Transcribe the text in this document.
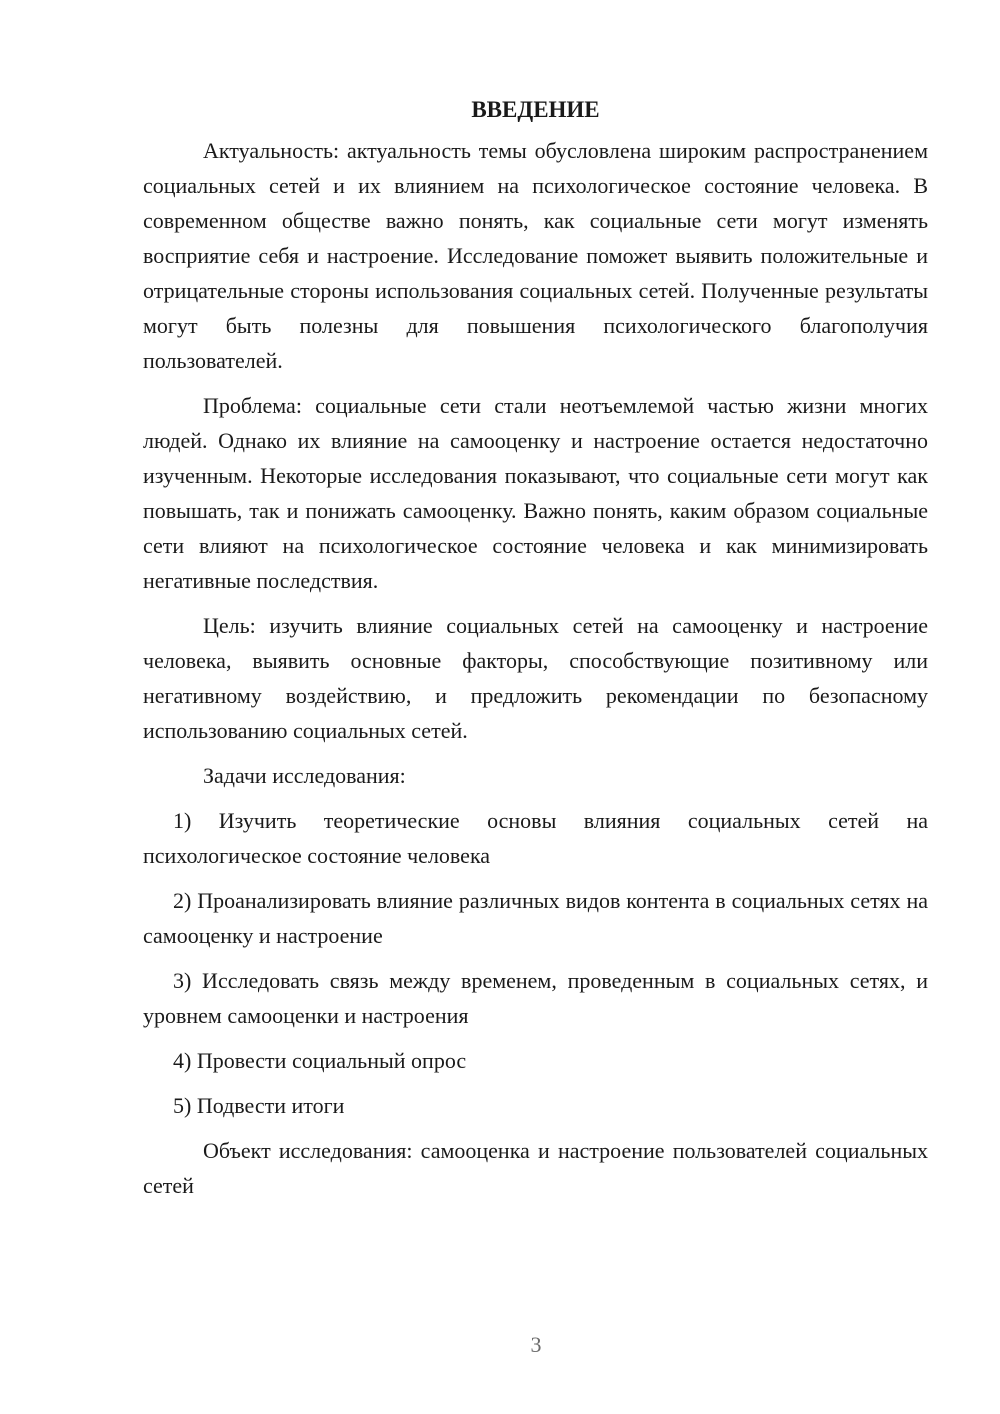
ВВЕДЕНИЕ

Актуальность: актуальность темы обусловлена широким распространением социальных сетей и их влиянием на психологическое состояние человека. В современном обществе важно понять, как социальные сети могут изменять восприятие себя и настроение. Исследование поможет выявить положительные и отрицательные стороны использования социальных сетей. Полученные результаты могут быть полезны для повышения психологического благополучия пользователей.

Проблема: социальные сети стали неотъемлемой частью жизни многих людей. Однако их влияние на самооценку и настроение остается недостаточно изученным. Некоторые исследования показывают, что социальные сети могут как повышать, так и понижать самооценку. Важно понять, каким образом социальные сети влияют на психологическое состояние человека и как минимизировать негативные последствия.

Цель: изучить влияние социальных сетей на самооценку и настроение человека, выявить основные факторы, способствующие позитивному или негативному воздействию, и предложить рекомендации по безопасному использованию социальных сетей.

Задачи исследования:

1) Изучить теоретические основы влияния социальных сетей на психологическое состояние человека

2) Проанализировать влияние различных видов контента в социальных сетях на самооценку и настроение

3) Исследовать связь между временем, проведенным в социальных сетях, и уровнем самооценки и настроения

4) Провести социальный опрос

5) Подвести итоги

Объект исследования: самооценка и настроение пользователей социальных сетей

3
